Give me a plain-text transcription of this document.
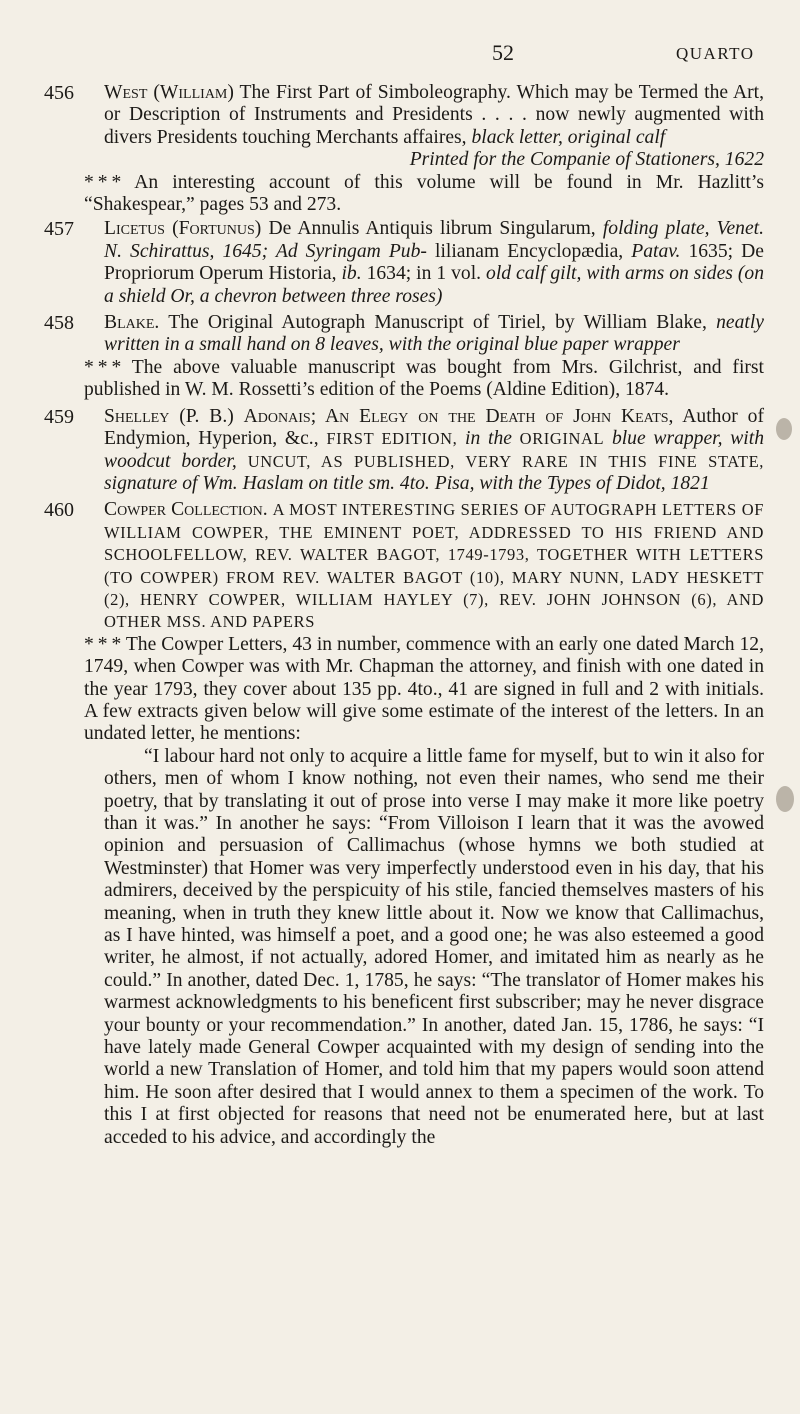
52	QUARTO
456 West (William) The First Part of Simboleography. Which may be Termed the Art, or Description of Instruments and Presidents . . . . now newly augmented with divers Presidents touching Merchants affaires, black letter, original calf
Printed for the Companie of Stationers, 1622

* * * An interesting account of this volume will be found in Mr. Hazlitt’s “Shakespear,” pages 53 and 273.

457 Licetus (Fortunus) De Annulis Antiquis librum Singularum, folding plate, Venet. N. Schirattus, 1645; Ad Syringam Pub- lilianam Encyclopædia, Patav. 1635; De Propriorum Operum Historia, ib. 1634; in 1 vol. old calf gilt, with arms on sides (on a shield Or, a chevron between three roses)

458 Blake. The Original Autograph Manuscript of Tiriel, by William Blake, neatly written in a small hand on 8 leaves, with the original blue paper wrapper

* * * The above valuable manuscript was bought from Mrs. Gilchrist, and first published in W. M. Rossetti’s edition of the Poems (Aldine Edition), 1874.

459 Shelley (P. B.) Adonais; An Elegy on the Death of John Keats, Author of Endymion, Hyperion, &c., FIRST EDITION, in the ORIGINAL blue wrapper, with woodcut border, UNCUT, AS PUBLISHED, VERY RARE IN THIS FINE STATE, signature of Wm. Haslam on title sm. 4to. Pisa, with the Types of Didot, 1821

460 Cowper Collection. A MOST INTERESTING SERIES OF AUTOGRAPH LETTERS OF WILLIAM COWPER, THE EMINENT POET, ADDRESSED TO HIS FRIEND AND SCHOOLFELLOW, REV. WALTER BAGOT, 1749-1793, TOGETHER WITH LETTERS (TO COWPER) FROM REV. WALTER BAGOT (10), MARY NUNN, LADY HESKETT (2), HENRY COWPER, WILLIAM HAYLEY (7), REV. JOHN JOHNSON (6), AND OTHER MSS. AND PAPERS

* * * The Cowper Letters, 43 in number, commence with an early one dated March 12, 1749, when Cowper was with Mr. Chapman the attorney, and finish with one dated in the year 1793, they cover about 135 pp. 4to., 41 are signed in full and 2 with initials. A few extracts given below will give some estimate of the interest of the letters. In an undated letter, he mentions:

“I labour hard not only to acquire a little fame for myself, but to win it also for others, men of whom I know nothing, not even their names, who send me their poetry, that by translating it out of prose into verse I may make it more like poetry than it was.” In another he says: “From Villoison I learn that it was the avowed opinion and persuasion of Callimachus (whose hymns we both studied at Westminster) that Homer was very imperfectly understood even in his day, that his admirers, deceived by the perspicuity of his stile, fancied themselves masters of his meaning, when in truth they knew little about it. Now we know that Callimachus, as I have hinted, was himself a poet, and a good one; he was also esteemed a good writer, he almost, if not actually, adored Homer, and imitated him as nearly as he could.” In another, dated Dec. 1, 1785, he says: “The translator of Homer makes his warmest acknowledgments to his beneficent first subscriber; may he never disgrace your bounty or your recommendation.” In another, dated Jan. 15, 1786, he says: “I have lately made General Cowper acquainted with my design of sending into the world a new Translation of Homer, and told him that my papers would soon attend him. He soon after desired that I would annex to them a specimen of the work. To this I at first objected for reasons that need not be enumerated here, but at last acceded to his advice, and accordingly the
